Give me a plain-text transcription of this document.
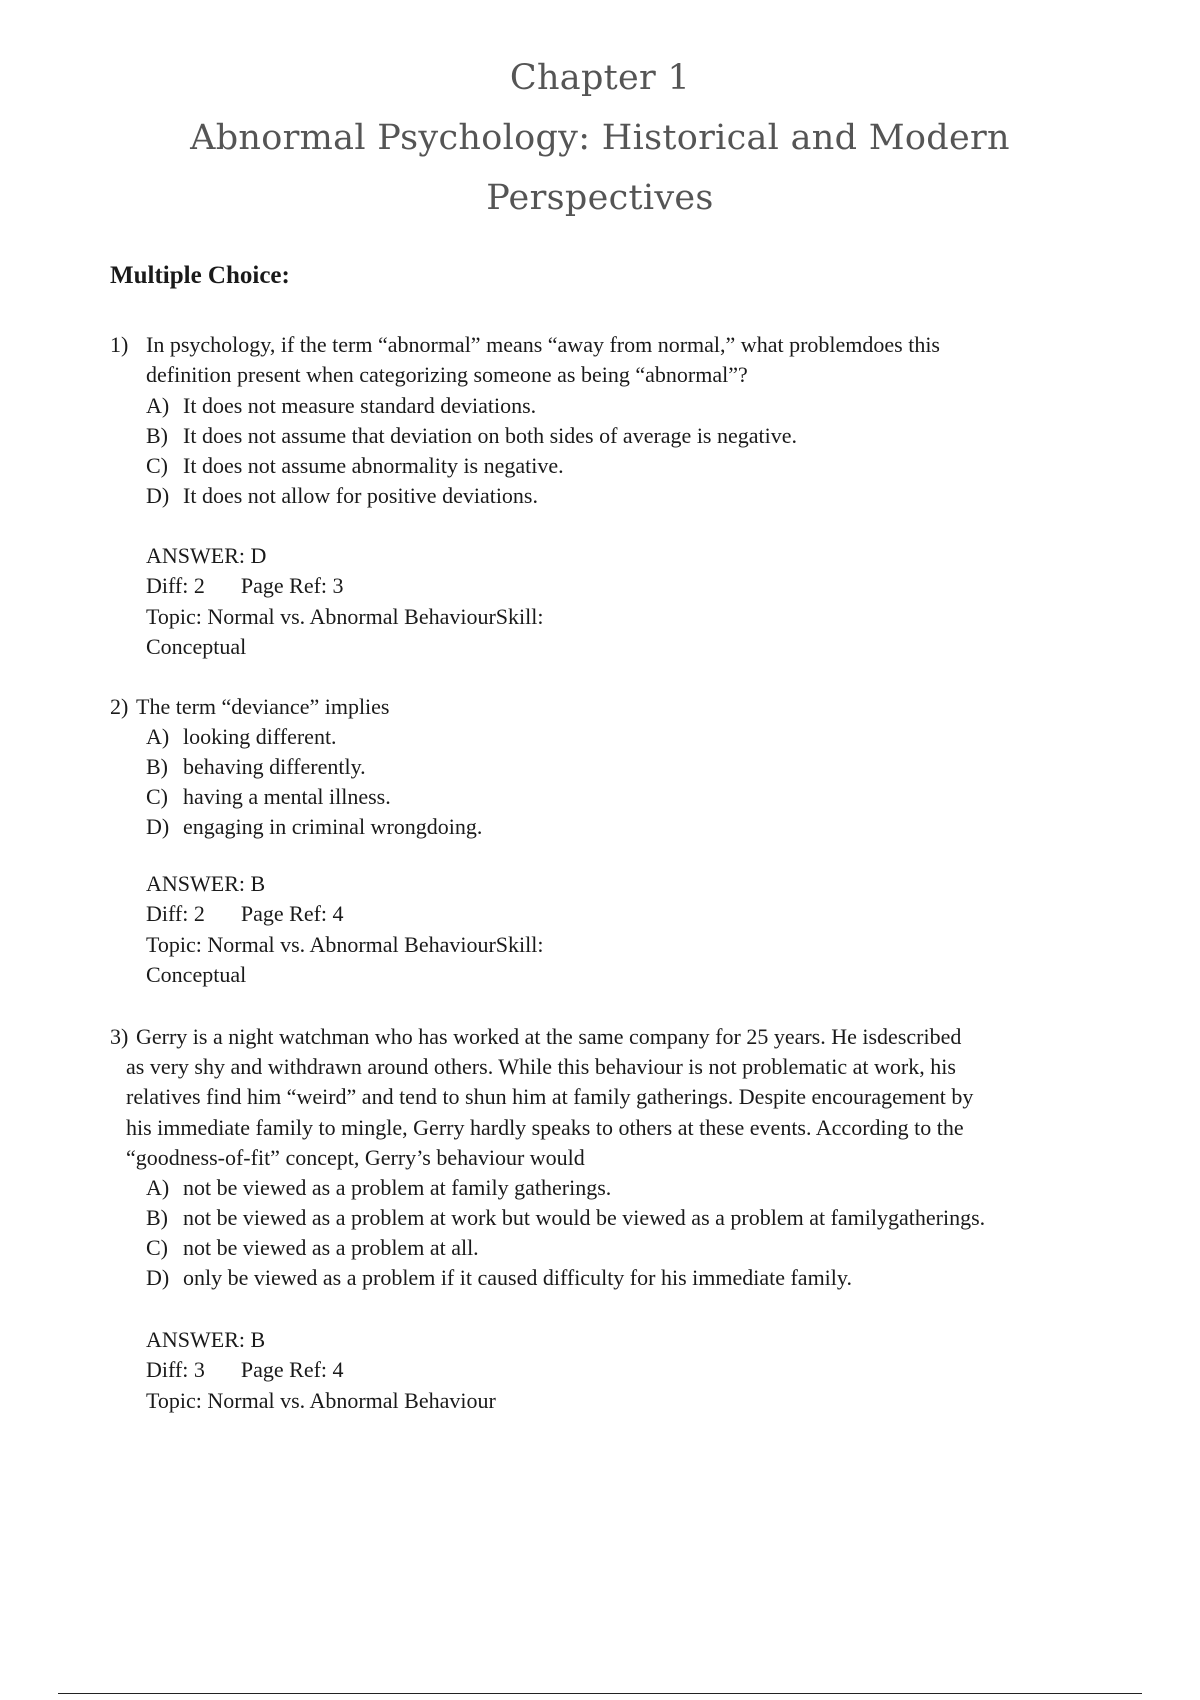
Chapter 1
Abnormal Psychology: Historical and Modern
Perspectives
Multiple Choice:
1) In psychology, if the term “abnormal” means “away from normal,” what problemdoes this
definition present when categorizing someone as being “abnormal”?
A) It does not measure standard deviations.
B) It does not assume that deviation on both sides of average is negative.
C) It does not assume abnormality is negative.
D) It does not allow for positive deviations.
ANSWER: D
Diff: 2 Page Ref: 3
Topic: Normal vs. Abnormal BehaviourSkill:
Conceptual
2) The term “deviance” implies
A) looking different.
B) behaving differently.
C) having a mental illness.
D) engaging in criminal wrongdoing.
ANSWER: B
Diff: 2 Page Ref: 4
Topic: Normal vs. Abnormal BehaviourSkill:
Conceptual
3) Gerry is a night watchman who has worked at the same company for 25 years. He isdescribed
as very shy and withdrawn around others. While this behaviour is not problematic at work, his
relatives find him “weird” and tend to shun him at family gatherings. Despite encouragement by
his immediate family to mingle, Gerry hardly speaks to others at these events. According to the
“goodness-of-fit” concept, Gerry’s behaviour would
A) not be viewed as a problem at family gatherings.
B) not be viewed as a problem at work but would be viewed as a problem at familygatherings.
C) not be viewed as a problem at all.
D) only be viewed as a problem if it caused difficulty for his immediate family.
ANSWER: B
Diff: 3 Page Ref: 4
Topic: Normal vs. Abnormal Behaviour
